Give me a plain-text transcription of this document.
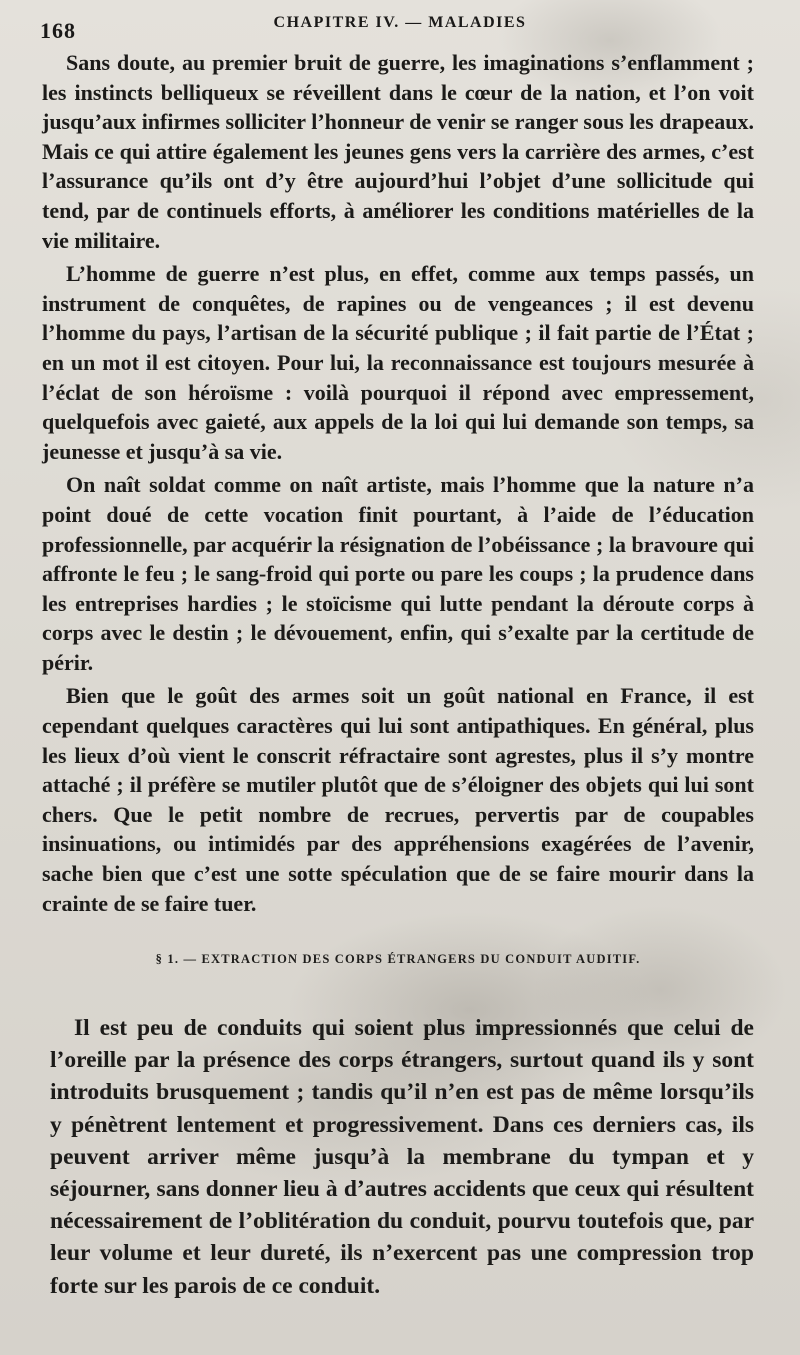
168	CHAPITRE IV. — MALADIES

Sans doute, au premier bruit de guerre, les imaginations s’enflamment ; les instincts belliqueux se réveillent dans le cœur de la nation, et l’on voit jusqu’aux infirmes solliciter l’honneur de venir se ranger sous les drapeaux. Mais ce qui attire également les jeunes gens vers la carrière des armes, c’est l’assurance qu’ils ont d’y être aujourd’hui l’objet d’une sollicitude qui tend, par de continuels efforts, à améliorer les conditions matérielles de la vie militaire.

L’homme de guerre n’est plus, en effet, comme aux temps passés, un instrument de conquêtes, de rapines ou de vengeances ; il est devenu l’homme du pays, l’artisan de la sécurité publique ; il fait partie de l’État ; en un mot il est citoyen. Pour lui, la reconnaissance est toujours mesurée à l’éclat de son héroïsme : voilà pourquoi il répond avec empressement, quelquefois avec gaieté, aux appels de la loi qui lui demande son temps, sa jeunesse et jusqu’à sa vie.

On naît soldat comme on naît artiste, mais l’homme que la nature n’a point doué de cette vocation finit pourtant, à l’aide de l’éducation professionnelle, par acquérir la résignation de l’obéissance ; la bravoure qui affronte le feu ; le sang-froid qui porte ou pare les coups ; la prudence dans les entreprises hardies ; le stoïcisme qui lutte pendant la déroute corps à corps avec le destin ; le dévouement, enfin, qui s’exalte par la certitude de périr.

Bien que le goût des armes soit un goût national en France, il est cependant quelques caractères qui lui sont antipathiques. En général, plus les lieux d’où vient le conscrit réfractaire sont agrestes, plus il s’y montre attaché ; il préfère se mutiler plutôt que de s’éloigner des objets qui lui sont chers. Que le petit nombre de recrues, pervertis par de coupables insinuations, ou intimidés par des appréhensions exagérées de l’avenir, sache bien que c’est une sotte spéculation que de se faire mourir dans la crainte de se faire tuer.

§ 1. — EXTRACTION DES CORPS ÉTRANGERS DU CONDUIT AUDITIF.

Il est peu de conduits qui soient plus impressionnés que celui de l’oreille par la présence des corps étrangers, surtout quand ils y sont introduits brusquement ; tandis qu’il n’en est pas de même lorsqu’ils y pénètrent lentement et progressivement. Dans ces derniers cas, ils peuvent arriver même jusqu’à la membrane du tympan et y séjourner, sans donner lieu à d’autres accidents que ceux qui résultent nécessairement de l’oblitération du conduit, pourvu toutefois que, par leur volume et leur dureté, ils n’exercent pas une compression trop forte sur les parois de ce conduit.
